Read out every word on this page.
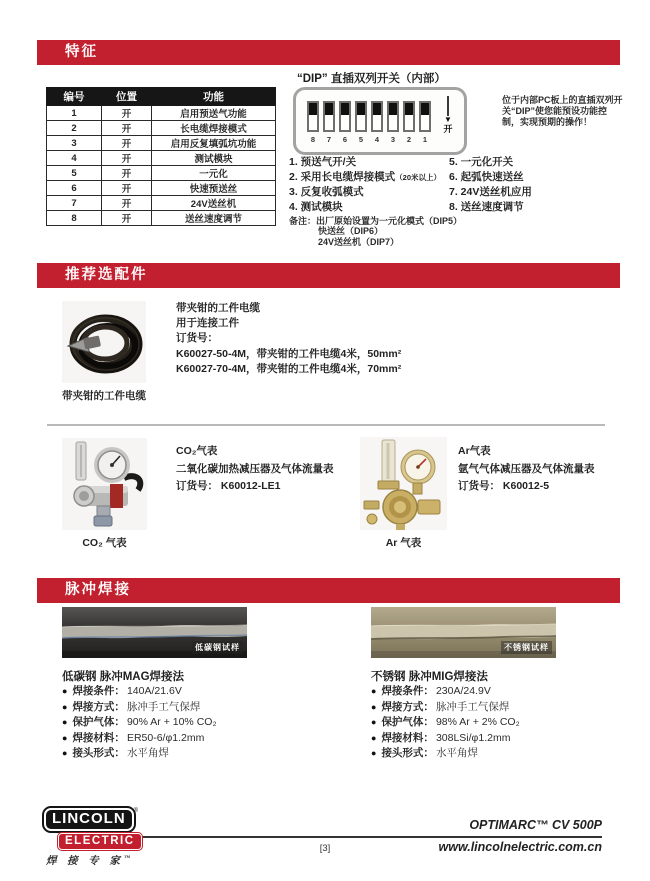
特征
编号	位置	功能
1	开	启用预送气功能
2	开	长电缆焊接模式
3	开	启用反复填弧坑功能
4	开	测试模块
5	开	一元化
6	开	快速预送丝
7	开	24V送丝机
8	开	送丝速度调节
“DIP” 直插双列开关（内部）
8	7	6	5	4	3	2	1
▼
开
位于内部PC板上的直插双列开关“DIP”使您能预设功能控制，实现预期的操作！
1. 预送气开/关
2. 采用长电缆焊接模式（20米以上）
3. 反复收弧模式
4. 测试模块
5. 一元化开关
6. 起弧快速送丝
7. 24V送丝机应用
8. 送丝速度调节
备注：出厂原始设置为一元化模式（DIP5）
快送丝（DIP6）
24V送丝机（DIP7）
推荐选配件
带夹钳的工件电缆
带夹钳的工件电缆
用于连接工件
订货号：
K60027-50-4M，带夹钳的工件电缆4米，50mm²
K60027-70-4M，带夹钳的工件电缆4米，70mm²
CO₂ 气表
CO₂气表
二氧化碳加热减压器及气体流量表
订货号： K60012-LE1
Ar 气表
Ar气表
氩气气体减压器及气体流量表
订货号： K60012-5
脉冲焊接
低碳钢试样
低碳钢 脉冲MAG焊接法
● 焊接条件： 140A/21.6V
● 焊接方式： 脉冲手工气保焊
● 保护气体： 90% Ar + 10% CO₂
● 焊接材料： ER50-6/φ1.2mm
● 接头形式： 水平角焊
不锈钢试样
不锈钢 脉冲MIG焊接法
● 焊接条件： 230A/24.9V
● 焊接方式： 脉冲手工气保焊
● 保护气体： 98% Ar + 2% CO₂
● 焊接材料： 308LSi/φ1.2mm
● 接头形式： 水平角焊
LINCOLN ®
ELECTRIC
焊 接 专 家™
OPTIMARC™ CV 500P
www.lincolnelectric.com.cn
[3]
